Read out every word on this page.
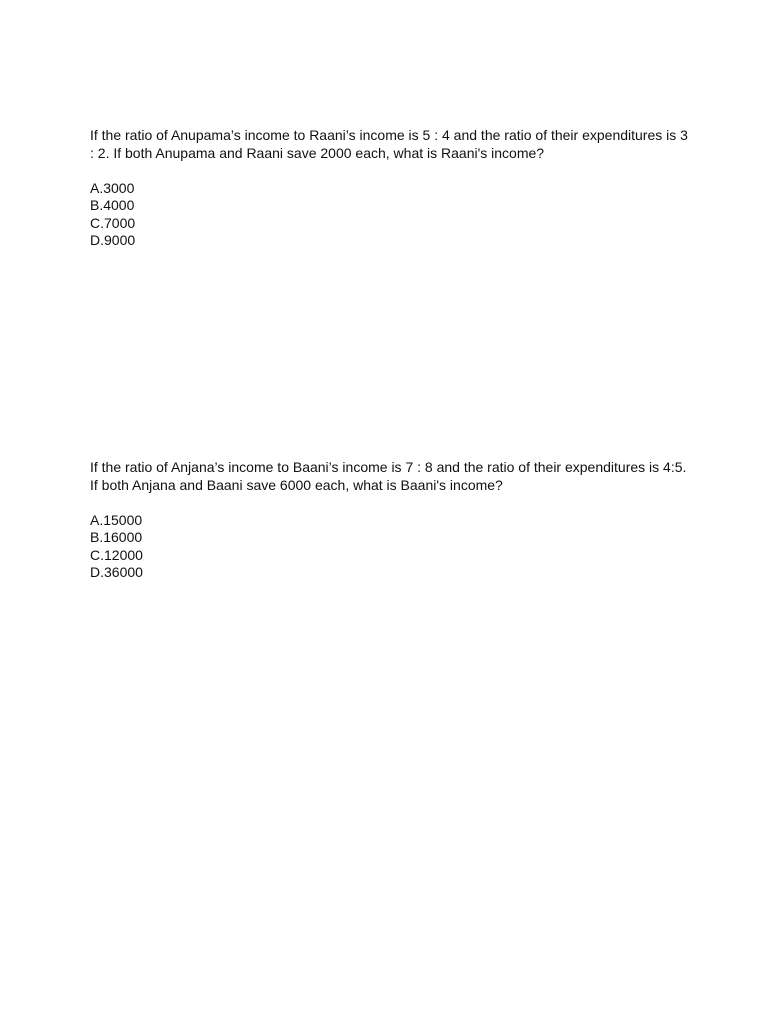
If the ratio of Anupama’s income to Raani’s income is 5 : 4 and the ratio of their expenditures is 3 : 2. If both Anupama and Raani save 2000 each, what is Raani's income?

A.3000
B.4000
C.7000
D.9000

If the ratio of Anjana’s income to Baani’s income is 7 : 8 and the ratio of their expenditures is 4:5. If both Anjana and Baani save 6000 each, what is Baani's income?

A.15000
B.16000
C.12000
D.36000
